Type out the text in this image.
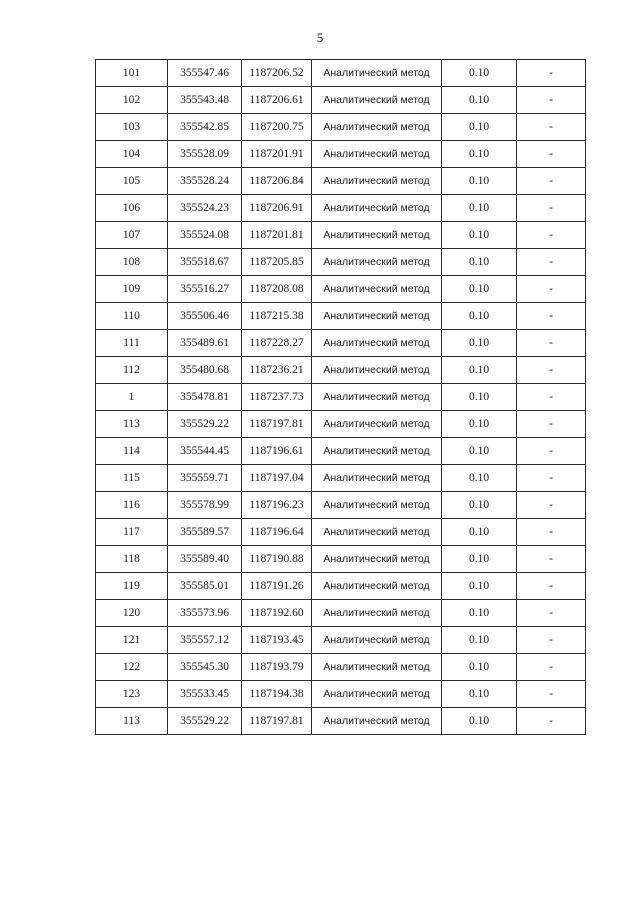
5
101	355547.46	1187206.52	Аналитический метод	0.10	-
102	355543.48	1187206.61	Аналитический метод	0.10	-
103	355542.85	1187200.75	Аналитический метод	0.10	-
104	355528.09	1187201.91	Аналитический метод	0.10	-
105	355528.24	1187206.84	Аналитический метод	0.10	-
106	355524.23	1187206.91	Аналитический метод	0.10	-
107	355524.08	1187201.81	Аналитический метод	0.10	-
108	355518.67	1187205.85	Аналитический метод	0.10	-
109	355516.27	1187208.08	Аналитический метод	0.10	-
110	355506.46	1187215.38	Аналитический метод	0.10	-
111	355489.61	1187228.27	Аналитический метод	0.10	-
112	355480.68	1187236.21	Аналитический метод	0.10	-
1	355478.81	1187237.73	Аналитический метод	0.10	-
113	355529.22	1187197.81	Аналитический метод	0.10	-
114	355544.45	1187196.61	Аналитический метод	0.10	-
115	355559.71	1187197.04	Аналитический метод	0.10	-
116	355578.99	1187196.23	Аналитический метод	0.10	-
117	355589.57	1187196.64	Аналитический метод	0.10	-
118	355589.40	1187190.88	Аналитический метод	0.10	-
119	355585.01	1187191.26	Аналитический метод	0.10	-
120	355573.96	1187192.60	Аналитический метод	0.10	-
121	355557.12	1187193.45	Аналитический метод	0.10	-
122	355545.30	1187193.79	Аналитический метод	0.10	-
123	355533.45	1187194.38	Аналитический метод	0.10	-
113	355529.22	1187197.81	Аналитический метод	0.10	-
